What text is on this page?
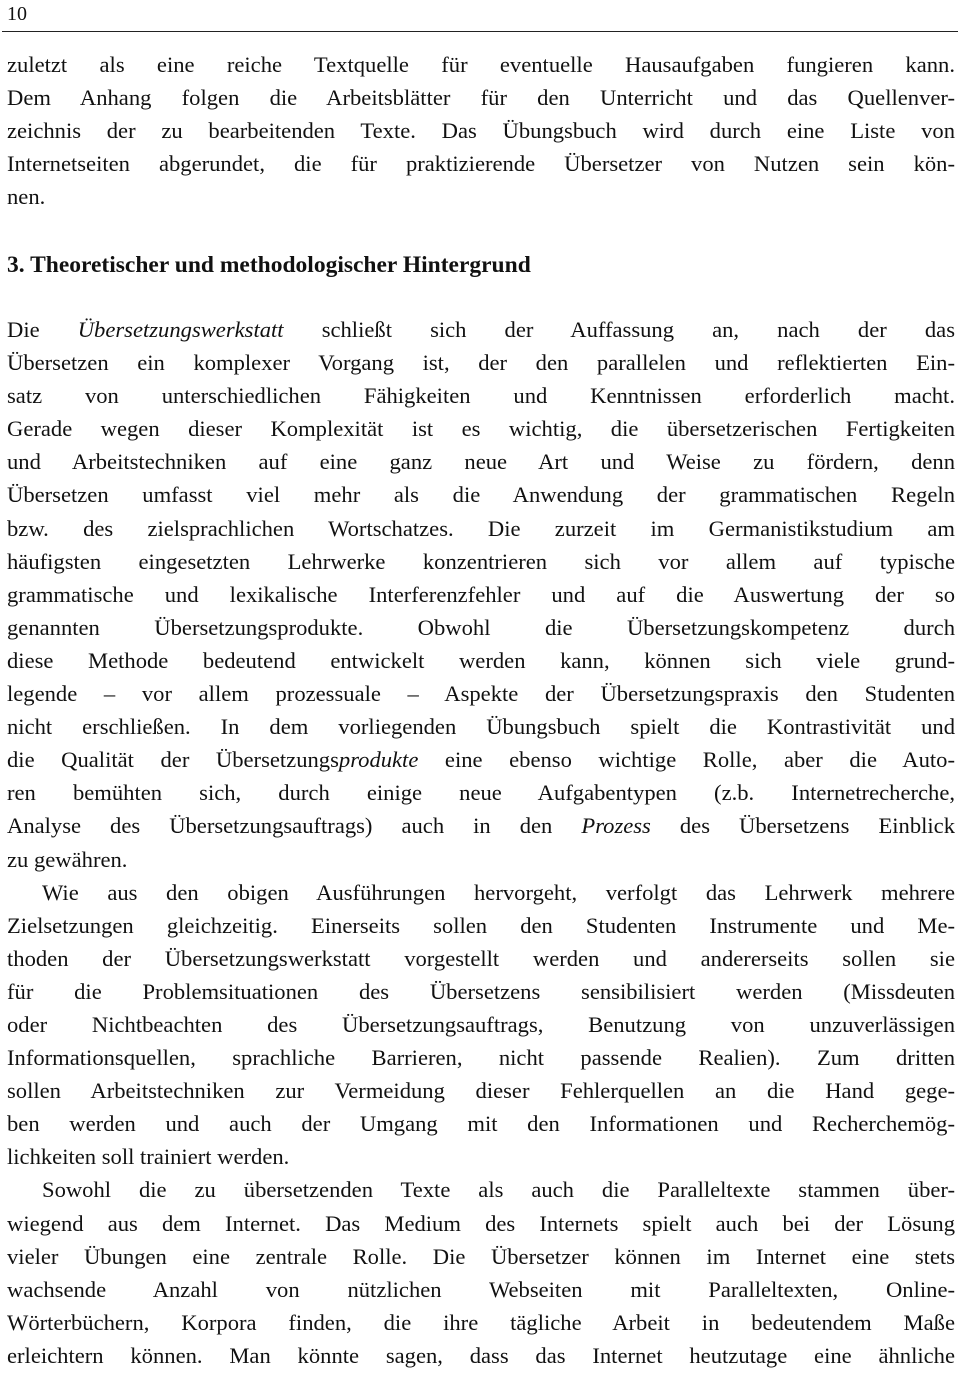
10
zuletzt als eine reiche Textquelle für eventuelle Hausaufgaben fungieren kann.
Dem Anhang folgen die Arbeitsblätter für den Unterricht und das Quellenver-
zeichnis der zu bearbeitenden Texte. Das Übungsbuch wird durch eine Liste von
Internetseiten abgerundet, die für praktizierende Übersetzer von Nutzen sein kön-
nen.
3. Theoretischer und methodologischer Hintergrund
Die Übersetzungswerkstatt schließt sich der Auffassung an, nach der das
Übersetzen ein komplexer Vorgang ist, der den parallelen und reflektierten Ein-
satz von unterschiedlichen Fähigkeiten und Kenntnissen erforderlich macht.
Gerade wegen dieser Komplexität ist es wichtig, die übersetzerischen Fertigkeiten
und Arbeitstechniken auf eine ganz neue Art und Weise zu fördern, denn
Übersetzen umfasst viel mehr als die Anwendung der grammatischen Regeln
bzw. des zielsprachlichen Wortschatzes. Die zurzeit im Germanistikstudium am
häufigsten eingesetzten Lehrwerke konzentrieren sich vor allem auf typische
grammatische und lexikalische Interferenzfehler und auf die Auswertung der so
genannten Übersetzungsprodukte. Obwohl die Übersetzungskompetenz durch
diese Methode bedeutend entwickelt werden kann, können sich viele grund-
legende – vor allem prozessuale – Aspekte der Übersetzungspraxis den Studenten
nicht erschließen. In dem vorliegenden Übungsbuch spielt die Kontrastivität und
die Qualität der Übersetzungsprodukte eine ebenso wichtige Rolle, aber die Auto-
ren bemühten sich, durch einige neue Aufgabentypen (z.b. Internetrecherche,
Analyse des Übersetzungsauftrags) auch in den Prozess des Übersetzens Einblick
zu gewähren.
Wie aus den obigen Ausführungen hervorgeht, verfolgt das Lehrwerk mehrere
Zielsetzungen gleichzeitig. Einerseits sollen den Studenten Instrumente und Me-
thoden der Übersetzungswerkstatt vorgestellt werden und andererseits sollen sie
für die Problemsituationen des Übersetzens sensibilisiert werden (Missdeuten
oder Nichtbeachten des Übersetzungsauftrags, Benutzung von unzuverlässigen
Informationsquellen, sprachliche Barrieren, nicht passende Realien). Zum dritten
sollen Arbeitstechniken zur Vermeidung dieser Fehlerquellen an die Hand gege-
ben werden und auch der Umgang mit den Informationen und Recherchemög-
lichkeiten soll trainiert werden.
Sowohl die zu übersetzenden Texte als auch die Paralleltexte stammen über-
wiegend aus dem Internet. Das Medium des Internets spielt auch bei der Lösung
vieler Übungen eine zentrale Rolle. Die Übersetzer können im Internet eine stets
wachsende Anzahl von nützlichen Webseiten mit Paralleltexten, Online-
Wörterbüchern, Korpora finden, die ihre tägliche Arbeit in bedeutendem Maße
erleichtern können. Man könnte sagen, dass das Internet heutzutage eine ähnliche
